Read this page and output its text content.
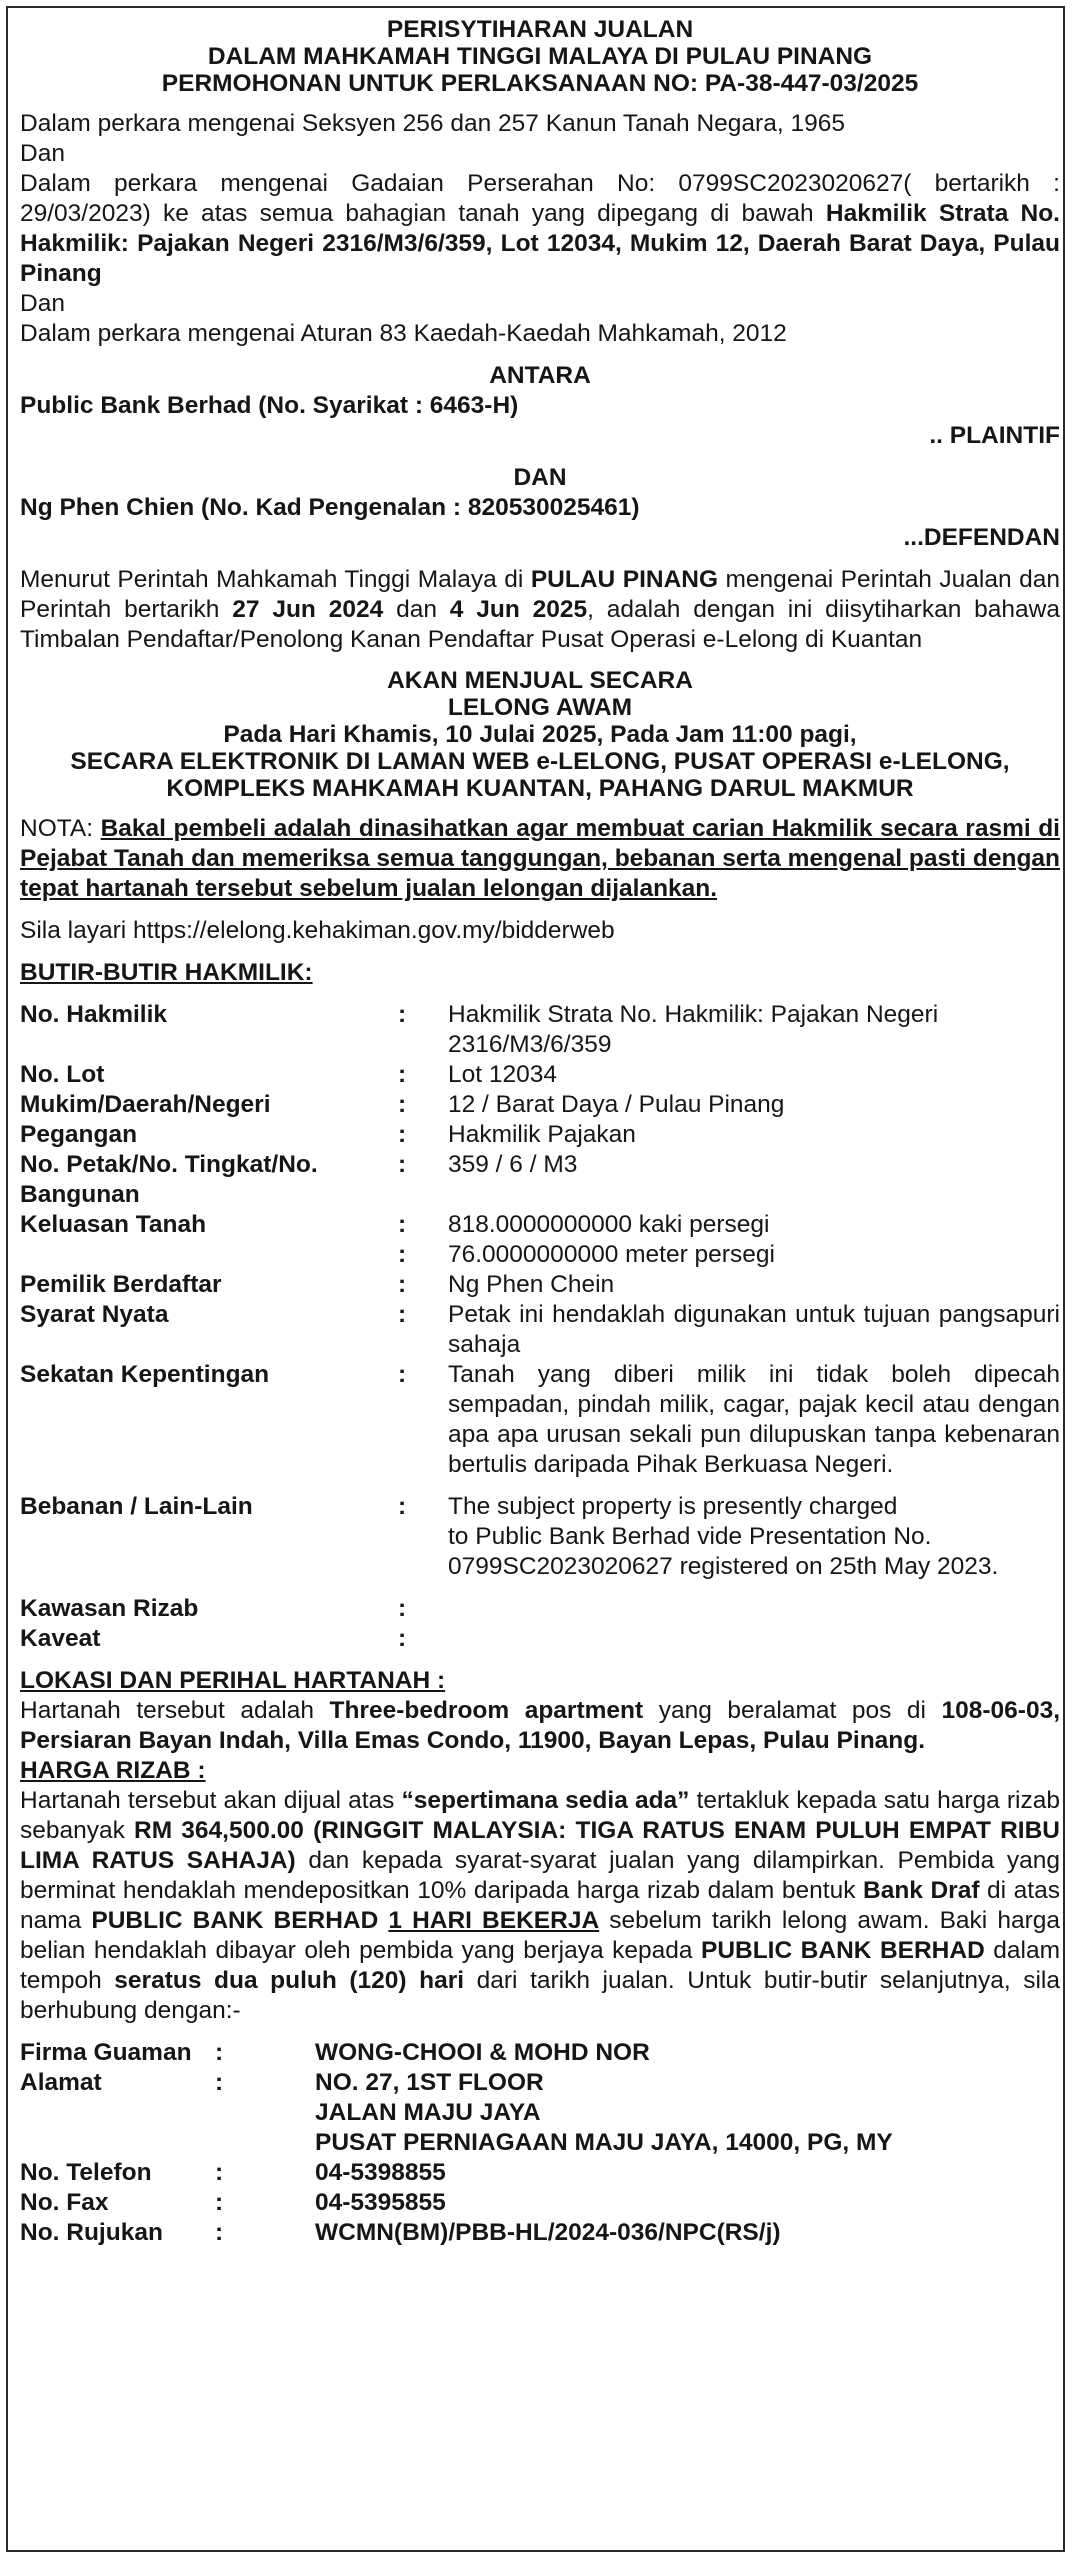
PERISYTIHARAN JUALAN
DALAM MAHKAMAH TINGGI MALAYA DI PULAU PINANG
PERMOHONAN UNTUK PERLAKSANAAN NO: PA-38-447-03/2025
Dalam perkara mengenai Seksyen 256 dan 257 Kanun Tanah Negara, 1965
Dan
Dalam perkara mengenai Gadaian Perserahan No: 0799SC2023020627( bertarikh : 29/03/2023) ke atas semua bahagian tanah yang dipegang di bawah Hakmilik Strata No. Hakmilik: Pajakan Negeri 2316/M3/6/359, Lot 12034, Mukim 12, Daerah Barat Daya, Pulau Pinang
Dan
Dalam perkara mengenai Aturan 83 Kaedah-Kaedah Mahkamah, 2012
ANTARA
Public Bank Berhad (No. Syarikat : 6463-H)
.. PLAINTIF
DAN
Ng Phen Chien (No. Kad Pengenalan : 820530025461)
...DEFENDAN
Menurut Perintah Mahkamah Tinggi Malaya di PULAU PINANG mengenai Perintah Jualan dan Perintah bertarikh 27 Jun 2024 dan 4 Jun 2025, adalah dengan ini diisytiharkan bahawa Timbalan Pendaftar/Penolong Kanan Pendaftar Pusat Operasi e-Lelong di Kuantan
AKAN MENJUAL SECARA
LELONG AWAM
Pada Hari Khamis, 10 Julai 2025, Pada Jam 11:00 pagi,
SECARA ELEKTRONIK DI LAMAN WEB e-LELONG, PUSAT OPERASI e-LELONG,
KOMPLEKS MAHKAMAH KUANTAN, PAHANG DARUL MAKMUR
NOTA: Bakal pembeli adalah dinasihatkan agar membuat carian Hakmilik secara rasmi di Pejabat Tanah dan memeriksa semua tanggungan, bebanan serta mengenal pasti dengan tepat hartanah tersebut sebelum jualan lelongan dijalankan.
Sila layari https://elelong.kehakiman.gov.my/bidderweb
BUTIR-BUTIR HAKMILIK:
No. Hakmilik	:	Hakmilik Strata No. Hakmilik: Pajakan Negeri 2316/M3/6/359
No. Lot	:	Lot 12034
Mukim/Daerah/Negeri	:	12 / Barat Daya / Pulau Pinang
Pegangan	:	Hakmilik Pajakan
No. Petak/No. Tingkat/No. Bangunan
:	359 / 6 / M3
Keluasan Tanah	:	818.0000000000 kaki persegi
:	76.0000000000 meter persegi
Pemilik Berdaftar	:	Ng Phen Chein
Syarat Nyata	:	Petak ini hendaklah digunakan untuk tujuan pangsapuri sahaja
Sekatan Kepentingan	:	Tanah yang diberi milik ini tidak boleh dipecah sempadan, pindah milik, cagar, pajak kecil atau dengan apa apa urusan sekali pun dilupuskan tanpa kebenaran bertulis daripada Pihak Berkuasa Negeri.
Bebanan / Lain-Lain	:	The subject property is presently charged
to Public Bank Berhad vide Presentation No.
0799SC2023020627 registered on 25th May 2023.
Kawasan Rizab	:
Kaveat	:
LOKASI DAN PERIHAL HARTANAH :
Hartanah tersebut adalah Three-bedroom apartment yang beralamat pos di 108-06-03, Persiaran Bayan Indah, Villa Emas Condo, 11900, Bayan Lepas, Pulau Pinang.
HARGA RIZAB :
Hartanah tersebut akan dijual atas “sepertimana sedia ada” tertakluk kepada satu harga rizab sebanyak RM 364,500.00 (RINGGIT MALAYSIA: TIGA RATUS ENAM PULUH EMPAT RIBU LIMA RATUS SAHAJA) dan kepada syarat-syarat jualan yang dilampirkan. Pembida yang berminat hendaklah mendepositkan 10% daripada harga rizab dalam bentuk Bank Draf di atas nama PUBLIC BANK BERHAD 1 HARI BEKERJA sebelum tarikh lelong awam. Baki harga belian hendaklah dibayar oleh pembida yang berjaya kepada PUBLIC BANK BERHAD dalam tempoh seratus dua puluh (120) hari dari tarikh jualan. Untuk butir-butir selanjutnya, sila berhubung dengan:-
Firma Guaman :	WONG-CHOOI & MOHD NOR
Alamat	:	NO. 27, 1ST FLOOR
JALAN MAJU JAYA
PUSAT PERNIAGAAN MAJU JAYA, 14000, PG, MY
No. Telefon	:	04-5398855
No. Fax	:	04-5395855
No. Rujukan	:	WCMN(BM)/PBB-HL/2024-036/NPC(RS/j)
